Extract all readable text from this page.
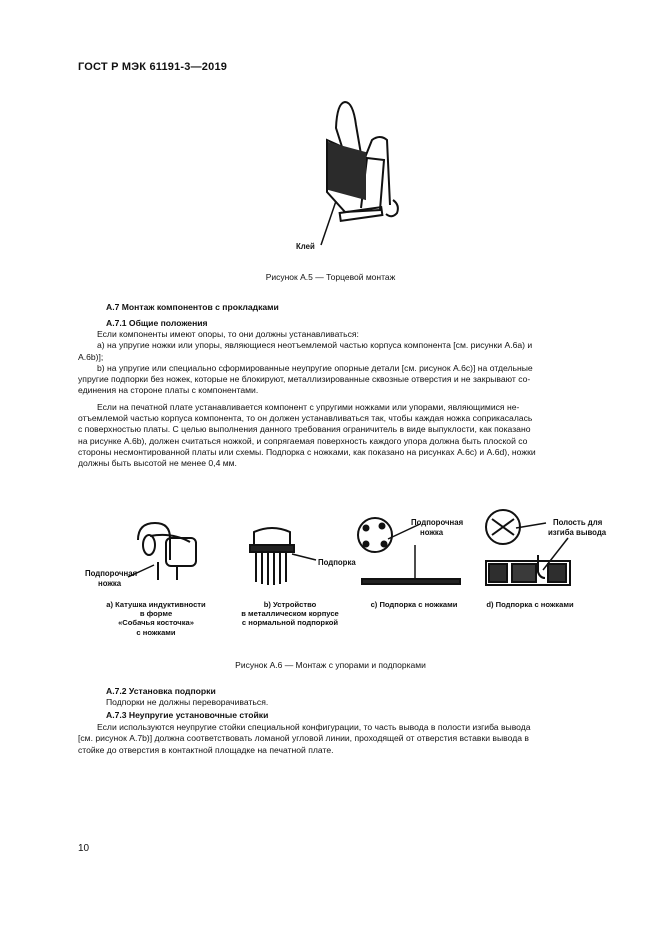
ГОСТ Р МЭК 61191-3—2019
Клей
Рисунок А.5 — Торцевой монтаж
А.7 Монтаж компонентов с прокладками
А.7.1 Общие положения

Если компоненты имеют опоры, то они должны устанавливаться:

а) на упругие ножки или упоры, являющиеся неотъемлемой частью корпуса компонента [см. рисунки А.6a) и

А.6b)];

b) на упругие или специально сформированные неупругие опорные детали [см. рисунок А.6с)] на отдельные

упругие подпорки без ножек, которые не блокируют, металлизированные сквозные отверстия и не закрывают со-

единения на стороне платы с компонентами.

Если на печатной плате устанавливается компонент с упругими ножками или упорами, являющимися не-

отъемлемой частью корпуса компонента, то он должен устанавливаться так, чтобы каждая ножка соприкасалась

с поверхностью платы. С целью выполнения данного требования ограничитель в виде выпуклости, как показано

на рисунке А.6b), должен считаться ножкой, и сопрягаемая поверхность каждого упора должна быть плоской со

стороны несмонтированной платы или схемы. Подпорка с ножками, как показано на рисунках А.6с) и А.6d), ножки

должны быть высотой не менее 0,4 мм.

Подпорочная
ножка
Подпорка
Подпорочная
ножка
Полость для
изгиба вывода
а) Катушка индуктивности
в форме
«Собачья косточка»
с ножками
b) Устройство
в металлическом корпусе
с нормальной подпоркой
с) Подпорка с ножками	d) Подпорка с ножками
Рисунок А.6 — Монтаж с упорами и подпорками
А.7.2 Установка подпорки
Подпорки не должны переворачиваться.
А.7.3 Неупругие установочные стойки

Если используются неупругие стойки специальной конфигурации, то часть вывода в полости изгиба вывода

[см. рисунок А.7b)] должна соответствовать ломаной угловой линии, проходящей от отверстия вставки вывода в

стойке до отверстия в контактной площадке на печатной плате.

10
